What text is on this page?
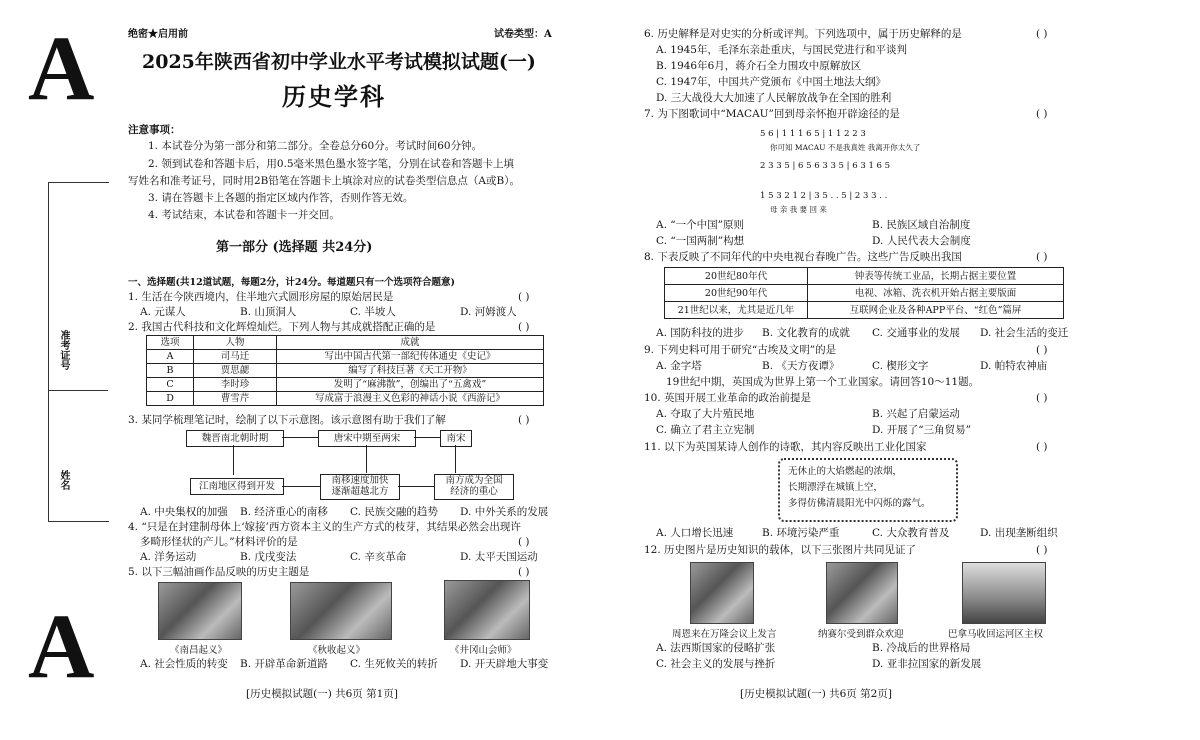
A
A
绝密★启用前	试卷类型：A
2025年陕西省初中学业水平考试模拟试题(一)
历史学科
注意事项：
1. 本试卷分为第一部分和第二部分。全卷总分60分。考试时间60分钟。
2. 领到试卷和答题卡后，用0.5毫米黑色墨水签字笔，分别在试卷和答题卡上填
写姓名和准考证号，同时用2B铅笔在答题卡上填涂对应的试卷类型信息点（A或B）。
3. 请在答题卡上各题的指定区域内作答，否则作答无效。
4. 考试结束，本试卷和答题卡一并交回。
准考证号
姓名
第一部分 (选择题 共24分)
一、选择题(共12道试题，每题2分，计24分。每道题只有一个选项符合题意)
1. 生活在今陕西境内，住半地穴式圆形房屋的原始居民是	( )
A. 元谋人	B. 山顶洞人	C. 半坡人	D. 河姆渡人
2. 我国古代科技和文化辉煌灿烂。下列人物与其成就搭配正确的是	( )
选项	人物	成就
A	司马迁	写出中国古代第一部纪传体通史《史记》
B	贾思勰	编写了科技巨著《天工开物》
C	李时珍	发明了“麻沸散”，创编出了“五禽戏”
D	曹雪芹	写成富于浪漫主义色彩的神话小说《西游记》
3. 某同学梳理笔记时，绘制了以下示意图。该示意图有助于我们了解	( )
魏晋南北朝时期	唐宋中期至两宋	南宋
江南地区得到开发
南移速度加快
逐渐超越北方
南方成为全国
经济的重心
A. 中央集权的加强 B. 经济重心的南移 C. 民族交融的趋势 D. 中外关系的发展
4. “只是在封建制母体上‘嫁接’西方资本主义的生产方式的枝芽，其结果必然会出现许
多畸形怪状的产儿。”材料评价的是	( )
A. 洋务运动	B. 戊戌变法	C. 辛亥革命	D. 太平天国运动
5. 以下三幅油画作品反映的历史主题是	( )
《南昌起义》	《秋收起义》	《井冈山会师》
A. 社会性质的转变 B. 开辟革命新道路 C. 生死攸关的转折 D. 开天辟地大事变
[历史模拟试题(一) 共6页 第1页]
6. 历史解释是对史实的分析或评判。下列选项中，属于历史解释的是	( )
A. 1945年，毛泽东亲赴重庆，与国民党进行和平谈判
B. 1946年6月，蒋介石全力围攻中原解放区
C. 1947年，中国共产党颁布《中国土地法大纲》
D. 三大战役大大加速了人民解放战争在全国的胜利
7. 为下图歌词中“MACAU”回到母亲怀抱开辟途径的是	( )
5 6 | 1 1 1 6 5 | 1 1 2 2 3
你可知 MACAU 不是我真姓 我离开你太久了
2 3 3 5 | 6 5 6 3 3 5 | 6 3 1 6 5
1 5 3 2 1 2 | 3 5 . . 5 | 2 3 3 . .
母 亲 我 要 回 来
A. “一个中国”原则	B. 民族区域自治制度
C. “一国两制”构想	D. 人民代表大会制度
8. 下表反映了不同年代的中央电视台春晚广告。这些广告反映出我国	( )
20世纪80年代	钟表等传统工业品，长期占据主要位置
20世纪90年代	电视、冰箱、洗衣机开始占据主要版面
21世纪以来，尤其是近几年	互联网企业及各种APP平台、“红色”篇屏
A. 国防科技的进步 B. 文化教育的成就 C. 交通事业的发展 D. 社会生活的变迁
9. 下列史料可用于研究“古埃及文明”的是	( )
A. 金字塔	B. 《天方夜谭》	C. 楔形文字	D. 帕特农神庙
19世纪中期，英国成为世界上第一个工业国家。请回答10～11题。
10. 英国开展工业革命的政治前提是	( )
A. 夺取了大片殖民地	B. 兴起了启蒙运动
C. 确立了君主立宪制	D. 开展了“三角贸易”
11. 以下为英国某诗人创作的诗歌，其内容反映出工业化国家	( )
无休止的大焰燃起的浓烟，
长期漂浮在城镇上空，
多得仿佛清晨阳光中闪烁的露气。
A. 人口增长迅速	B. 环境污染严重	C. 大众教育普及	D. 出现垄断组织
12. 历史图片是历史知识的载体，以下三张图片共同见证了	( )
周恩来在万隆会议上发言	纳赛尔受到群众欢迎	巴拿马收回运河区主权
A. 法西斯国家的侵略扩张	B. 冷战后的世界格局
C. 社会主义的发展与挫折	D. 亚非拉国家的新发展
[历史模拟试题(一) 共6页 第2页]
